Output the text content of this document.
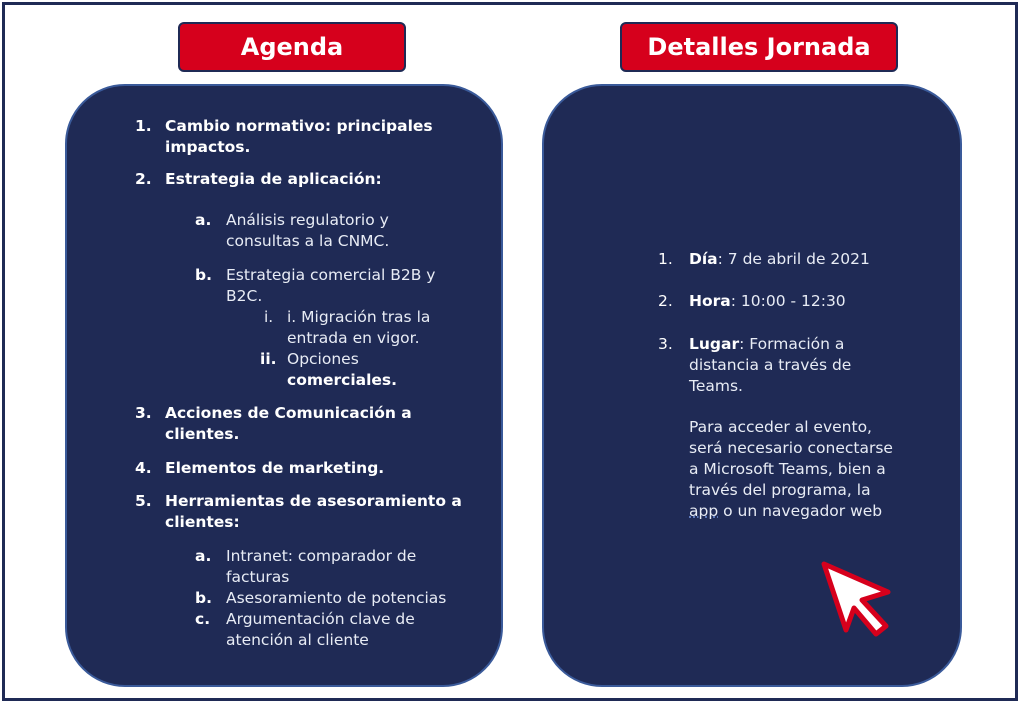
Agenda	Detalles Jornada
1. Cambio normativo: principales
impactos.
2. Estrategia de aplicación:
a. Análisis regulatorio y
consultas a la CNMC.
b. Estrategia comercial B2B y
B2C.
i. i. Migración tras la
entrada en vigor.
ii. Opciones
comerciales.
3. Acciones de Comunicación a
clientes.
4. Elementos de marketing.
5. Herramientas de asesoramiento a
clientes:
a. Intranet: comparador de
facturas
b. Asesoramiento de potencias
c. Argumentación clave de
atención al cliente
1. Día: 7 de abril de 2021
2. Hora: 10:00 - 12:30
3. Lugar: Formación a
distancia a través de
Teams.
Para acceder al evento,
será necesario conectarse
a Microsoft Teams, bien a
través del programa, la
app o un navegador web
